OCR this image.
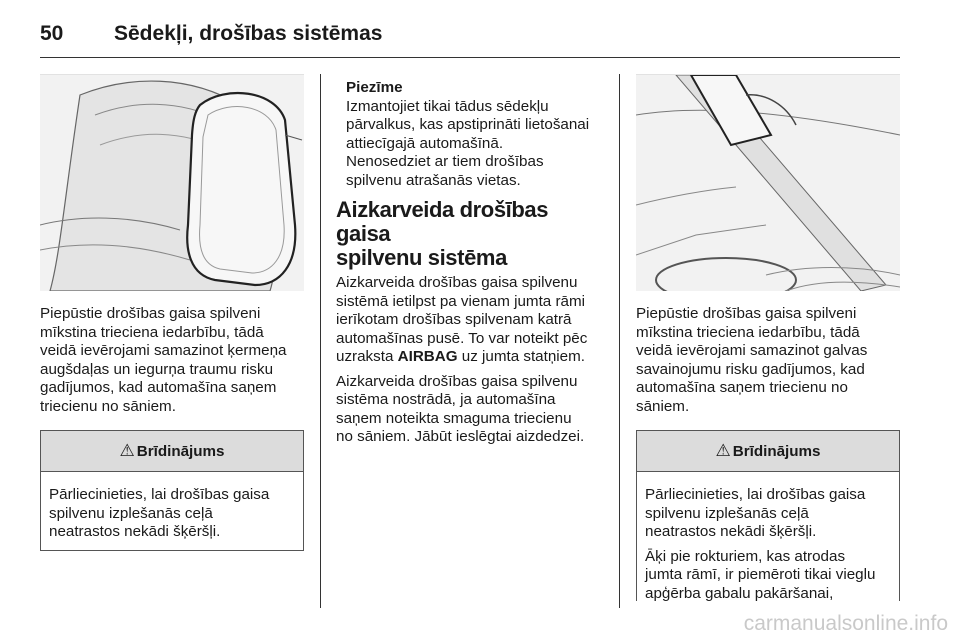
50	Sēdekļi, drošības sistēmas

Piepūstie drošības gaisa spilveni

mīkstina trieciena iedarbību, tādā

veidā ievērojami samazinot ķermeņa

augšdaļas un iegurņa traumu risku

gadījumos, kad automašīna saņem

triecienu no sāniem.

⚠ Brīdinājums

Pārliecinieties, lai drošības gaisa

spilvenu izplešanās ceļā

neatrastos nekādi šķēršļi.

Piezīme

Izmantojiet tikai tādus sēdekļu

pārvalkus, kas apstiprināti lietošanai

attiecīgajā automašīnā.

Nenosedziet ar tiem drošības

spilvenu atrašanās vietas.

Aizkarveida drošības gaisa
spilvenu sistēma

Aizkarveida drošības gaisa spilvenu

sistēmā ietilpst pa vienam jumta rāmi

ierīkotam drošības spilvenam katrā

automašīnas pusē. To var noteikt pēc

uzraksta AIRBAG uz jumta statņiem.

Aizkarveida drošības gaisa spilvenu

sistēma nostrādā, ja automašīna

saņem noteikta smaguma triecienu

no sāniem. Jābūt ieslēgtai aizdedzei.

Piepūstie drošības gaisa spilveni

mīkstina trieciena iedarbību, tādā

veidā ievērojami samazinot galvas

savainojumu risku gadījumos, kad

automašīna saņem triecienu no

sāniem.

⚠ Brīdinājums

Pārliecinieties, lai drošības gaisa

spilvenu izplešanās ceļā

neatrastos nekādi šķēršļi.

Āķi pie rokturiem, kas atrodas

jumta rāmī, ir piemēroti tikai vieglu

apģērba gabalu pakāršanai,

carmanualsonline.info
